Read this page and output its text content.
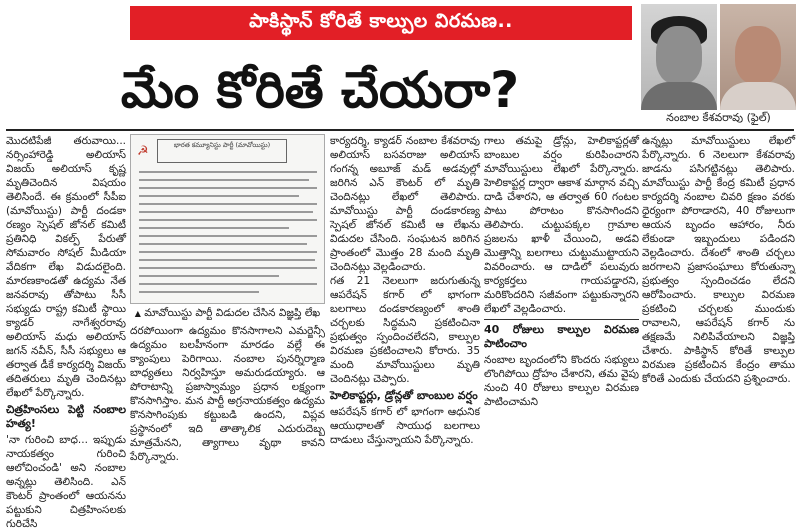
పాకిస్థాన్ కోరితే కాల్పుల విరమణ..
మేం కోరితే చేయరా?	నంబాల కేశవరావు (ఫైల్)

మొదటిపేజీ తరువాయి... నర్సింహారెడ్డి అలియాస్ విజయ్ అలియాస్ కృష్ణ మృతిచెందిన విషయం తెలిసిందే. ఈ క్రమంలో సీపీఐ (మావోయిస్టు) పార్టీ దండకా రణ్యం స్పెషల్ జోనల్ కమిటీ ప్రతినిధి వికల్ప్ పేరుతో సోమవారం సోషల్ మీడియా వేదికగా లేఖ విడుదలైంది. మారణకాండతో ఉద్యమ నేత జనవరావు తోపాటు సీసీ సభ్యుడు రాష్ట్ర కమిటీ స్థాయి క్యాడర్ నాగేశ్వరరావు అలియాస్ మధు అలియాస్ జగన్ నవీన్, సీసీ సభ్యులు ఆ తర్వాత డీకే కార్యదర్శి విజయ్ తదితరులు మృతి చెందినట్లు లేఖలో పేర్కొన్నారు.

చిత్రహింసలు పెట్టి నంబాల హత్య!

'నా గురించి బాధ... ఇప్పుడు నాయకత్వం గురించి ఆలోచించండి' అని నంబాల అన్నట్లు తెలిసింది. ఎన్ కౌంటర్ ప్రాంతంలో ఆయనను పట్టుకుని చిత్రహింసలకు గురిచేసి

☭	భారత కమ్యూనిస్టు పార్టీ (మావోయిస్టు)
▲ మావోయిస్టు పార్టీ విడుదల చేసిన విజ్ఞప్తి లేఖ

దరపోయింగా ఉద్యమం కొనసాగాలని ఎమర్జెన్సీ ఉద్యమం బలహీనంగా మారడం వల్లే ఈ క్యాంపులు పెరిగాయి. నంబాల పునర్నిర్మాణ బాధ్యతలు నిర్వహిస్తూ అమరుడయ్యారు. ఆ పోరాటాన్ని ప్రజాస్వామ్యం ప్రధాన లక్ష్యంగా కొనసాగిస్తాం. మన పార్టీ అగ్రనాయకత్వం ఉద్యమ కొనసాగింపుకు కట్టుబడి ఉందని, విప్లవ ప్రస్థానంలో ఇది తాత్కాలిక ఎదురుదెబ్బ మాత్రమేనని, త్యాగాలు వృథా కావని పేర్కొన్నారు.

కార్యదర్శి, క్యాడర్ నంబాల కేశవరావు అలియాస్ బసవరాజు అలియాస్ గంగన్న అబూజ్ మడ్ అడవుల్లో జరిగిన ఎన్ కౌంటర్ లో మృతి చెందినట్లు లేఖలో తెలిపారు. మావోయిస్టు పార్టీ దండకారణ్య స్పెషల్ జోనల్ కమిటీ ఆ లేఖను విడుదల చేసింది. సంఘటన జరిగిన ప్రాంతంలో మొత్తం 28 మంది మృతి చెందినట్లు వెల్లడించారు.

గత 21 నెలలుగా జరుగుతున్న ఆపరేషన్ కగార్ లో భాగంగా బలగాలు దండకారణ్యంలో శాంతి చర్చలకు సిద్ధమని ప్రకటించినా ప్రభుత్వం స్పందించలేదని, కాల్పుల విరమణ ప్రకటించాలని కోరారు. 35 మంది మావోయిస్టులు మృతి చెందినట్లు చెప్పారు.

హెలికాప్టర్లు, డ్రోన్లతో బాంబుల వర్షం

ఆపరేషన్ కగార్ లో భాగంగా ఆధునిక ఆయుధాలతో సాయుధ బలగాలు దాడులు చేస్తున్నాయని పేర్కొన్నారు.

గాలు తమపై డ్రోన్లు, హెలికాప్టర్లతో బాంబుల వర్షం కురిపించారని మావోయిస్టులు లేఖలో పేర్కొన్నారు. హెలికాప్టర్ల ద్వారా ఆకాశ మార్గాన వచ్చి దాడి చేశారని, ఆ తర్వాత 60 గంటల పాటు పోరాటం కొనసాగిందని తెలిపారు. చుట్టుపక్కల గ్రామాల ప్రజలను ఖాళీ చేయించి, అడవి మొత్తాన్ని బలగాలు చుట్టుముట్టాయని వివరించారు. ఆ దాడిలో పలువురు కార్యకర్తలు గాయపడ్డారని, మరికొందరిని సజీవంగా పట్టుకున్నారని లేఖలో వెల్లడించారు.

40 రోజులు కాల్పుల విరమణ పాటించాం

నంబాల బృందంలోని కొందరు సభ్యులు లొంగిపోయి ద్రోహం చేశారని, తమ వైపు నుంచి 40 రోజులు కాల్పుల విరమణ పాటించామని

ఉన్నట్లు మావోయిస్టులు లేఖలో పేర్కొన్నారు. 6 నెలలుగా కేశవరావు జాడను పసిగట్టినట్లు తెలిపారు. మావోయిస్టు పార్టీ కేంద్ర కమిటీ ప్రధాన కార్యదర్శి నంబాల చివరి క్షణం వరకు ధైర్యంగా పోరాడారని, 40 రోజులుగా ఆయన బృందం ఆహారం, నీరు లేకుండా ఇబ్బందులు పడిందని వెల్లడించారు. దేశంలో శాంతి చర్చలు జరగాలని ప్రజాసంఘాలు కోరుతున్నా ప్రభుత్వం స్పందించడం లేదని ఆరోపించారు. కాల్పుల విరమణ ప్రకటించి చర్చలకు ముందుకు రావాలని, ఆపరేషన్ కగార్ ను తక్షణమే నిలిపివేయాలని విజ్ఞప్తి చేశారు. పాకిస్థాన్ కోరితే కాల్పుల విరమణ ప్రకటించిన కేంద్రం తాము కోరితే ఎందుకు చేయదని ప్రశ్నించారు.
